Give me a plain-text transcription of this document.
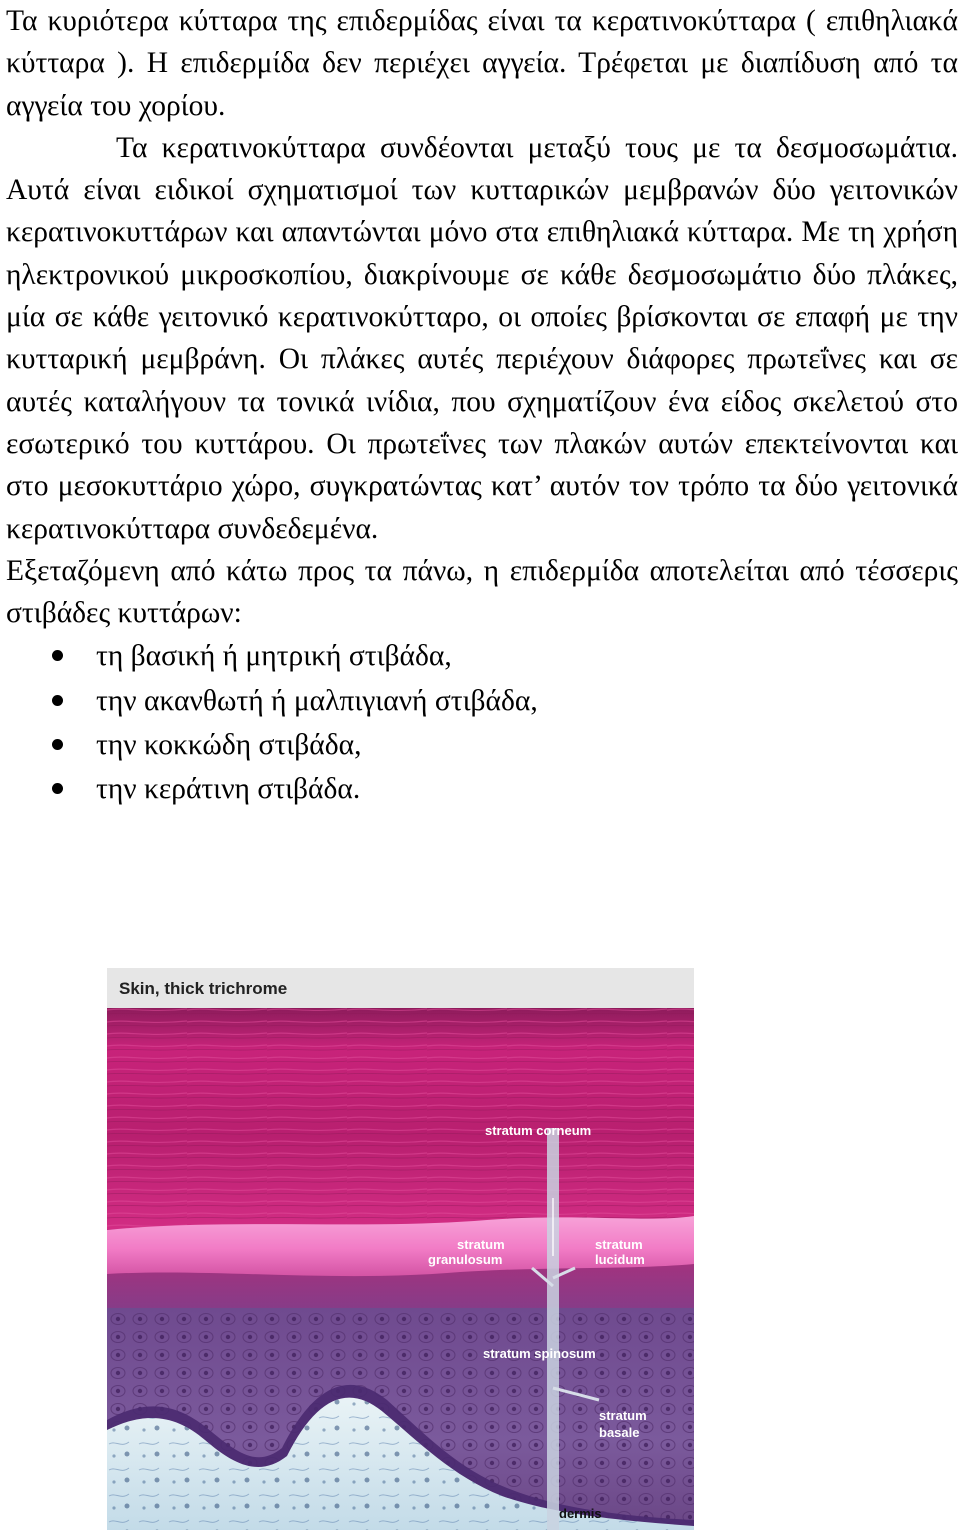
Τα κυριότερα κύτταρα της επιδερμίδας είναι τα κερατινοκύτταρα ( επιθηλιακά κύτταρα ). Η επιδερμίδα δεν περιέχει αγγεία. Τρέφεται με διαπίδυση από τα αγγεία του χορίου.

Τα κερατινοκύτταρα συνδέονται μεταξύ τους με τα δεσμοσωμάτια. Αυτά είναι ειδικοί σχηματισμοί των κυτταρικών μεμβρανών δύο γειτονικών κερατινοκυττάρων και απαντώνται μόνο στα επιθηλιακά κύτταρα. Με τη χρήση ηλεκτρονικού μικροσκοπίου, διακρίνουμε σε κάθε δεσμοσωμάτιο δύο πλάκες, μία σε κάθε γειτονικό κερατινοκύτταρο, οι οποίες βρίσκονται σε επαφή με την κυτταρική μεμβράνη. Οι πλάκες αυτές περιέχουν διάφορες πρωτεΐνες και σε αυτές καταλήγουν τα τονικά ινίδια, που σχηματίζουν ένα είδος σκελετού στο εσωτερικό του κυττάρου. Οι πρωτεΐνες των πλακών αυτών επεκτείνονται και στο μεσοκυττάριο χώρο, συγκρατώντας κατ’ αυτόν τον τρόπο τα δύο γειτονικά κερατινοκύτταρα συνδεδεμένα.

Εξεταζόμενη από κάτω προς τα πάνω, η επιδερμίδα αποτελείται από τέσσερις στιβάδες κυττάρων:

τη βασική ή μητρική στιβάδα,
την ακανθωτή ή μαλπιγιανή στιβάδα,
την κοκκώδη στιβάδα,
την κεράτινη στιβάδα.
Skin, thick trichrome
stratum corneum
stratum
granulosum
stratum
lucidum
stratum spinosum
stratum
basale
dermis
